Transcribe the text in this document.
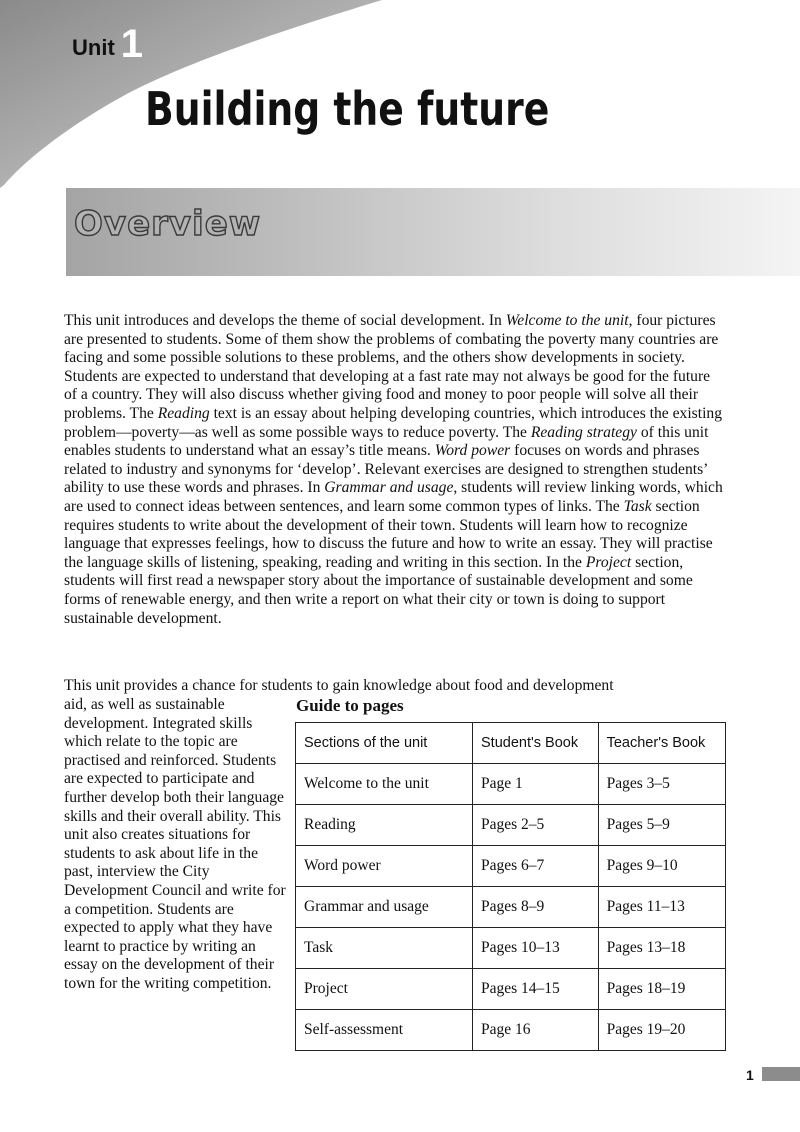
Unit 1
Building the future
Overview

This unit introduces and develops the theme of social development. In Welcome to the unit, four pictures are presented to students. Some of them show the problems of combating the poverty many countries are facing and some possible solutions to these problems, and the others show developments in society. Students are expected to understand that developing at a fast rate may not always be good for the future of a country. They will also discuss whether giving food and money to poor people will solve all their problems. The Reading text is an essay about helping developing countries, which introduces the existing problem—poverty—as well as some possible ways to reduce poverty. The Reading strategy of this unit enables students to understand what an essay’s title means. Word power focuses on words and phrases related to industry and synonyms for ‘develop’. Relevant exercises are designed to strengthen students’ ability to use these words and phrases. In Grammar and usage, students will review linking words, which are used to connect ideas between sentences, and learn some common types of links. The Task section requires students to write about the development of their town. Students will learn how to recognize language that expresses feelings, how to discuss the future and how to write an essay. They will practise the language skills of listening, speaking, reading and writing in this section. In the Project section, students will first read a newspaper story about the importance of sustainable development and some forms of renewable energy, and then write a report on what their city or town is doing to support sustainable development.

This unit provides a chance for students to gain knowledge about food and development

aid, as well as sustainable development. Integrated skills which relate to the topic are practised and reinforced. Students are expected to participate and further develop both their language skills and their overall ability. This unit also creates situations for students to ask about life in the past, interview the City Development Council and write for a competition. Students are expected to apply what they have learnt to practice by writing an essay on the development of their town for the writing competition.

Guide to pages
Sections of the unit	Student's Book	Teacher's Book
Welcome to the unit	Page 1	Pages 3–5
Reading	Pages 2–5	Pages 5–9
Word power	Pages 6–7	Pages 9–10
Grammar and usage	Pages 8–9	Pages 11–13
Task	Pages 10–13	Pages 13–18
Project	Pages 14–15	Pages 18–19
Self-assessment	Page 16	Pages 19–20
1
